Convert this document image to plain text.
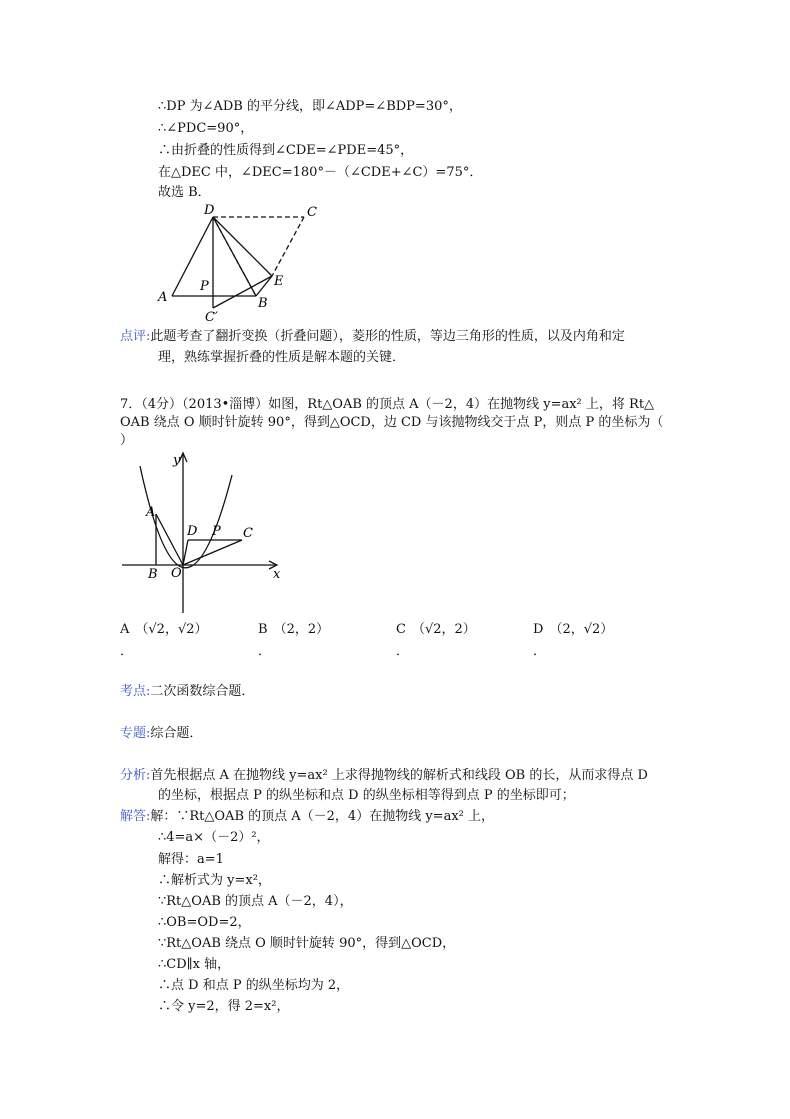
∴DP 为∠ADB 的平分线，即∠ADP=∠BDP=30°，
∴∠PDC=90°，
∴由折叠的性质得到∠CDE=∠PDE=45°，
在△DEC 中，∠DEC=180°－（∠CDE+∠C）=75°．
故选 B．
D	C
E
A
P
B
C′
点评:此题考查了翻折变换（折叠问题），菱形的性质，等边三角形的性质，以及内角和定
理，熟练掌握折叠的性质是解本题的关键．
7．（4分）（2013•淄博）如图，Rt△OAB 的顶点 A（－2，4）在抛物线 y=ax² 上，将 Rt△
OAB 绕点 O 顺时针旋转 90°，得到△OCD，边 CD 与该抛物线交于点 P，则点 P 的坐标为（
）
y
x
A
B O
D P C
A （√2，√2）
．
B （2，2）
．
C （√2，2）
．
D （2，√2）
．
考点:二次函数综合题．
专题:综合题．
分析:首先根据点 A 在抛物线 y=ax² 上求得抛物线的解析式和线段 OB 的长，从而求得点 D
的坐标，根据点 P 的纵坐标和点 D 的纵坐标相等得到点 P 的坐标即可；
解答:解：∵Rt△OAB 的顶点 A（－2，4）在抛物线 y=ax² 上，
∴4=a×（－2）²，
解得：a=1
∴解析式为 y=x²，
∵Rt△OAB 的顶点 A（－2，4），
∴OB=OD=2，
∵Rt△OAB 绕点 O 顺时针旋转 90°，得到△OCD，
∴CD∥x 轴，
∴点 D 和点 P 的纵坐标均为 2，
∴令 y=2，得 2=x²，
